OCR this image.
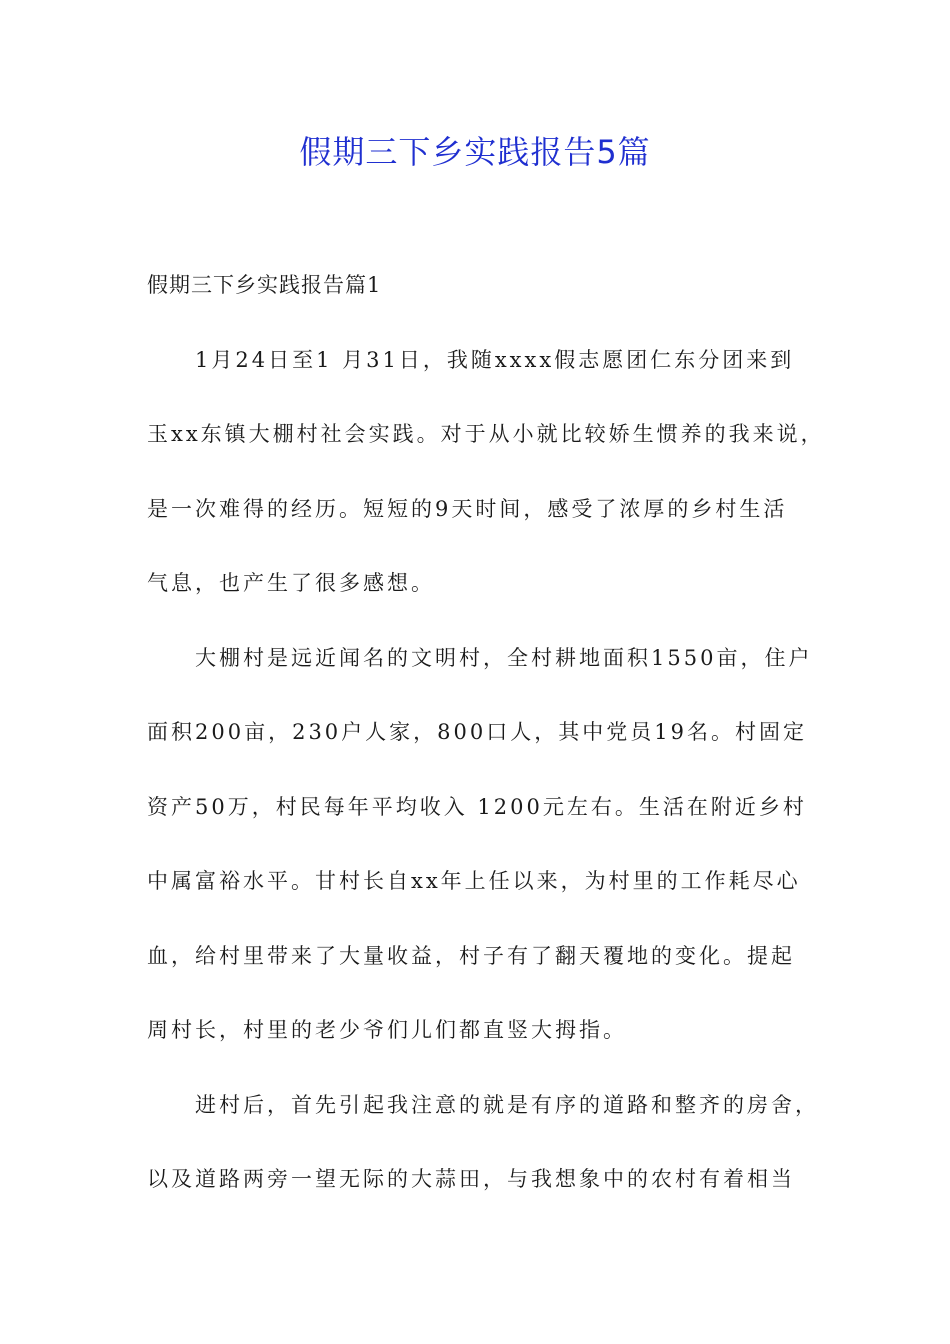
假期三下乡实践报告5篇
假期三下乡实践报告篇1
1月24日至1 月31日，我随xxxx假志愿团仁东分团来到
玉xx东镇大棚村社会实践。对于从小就比较娇生惯养的我来说，
是一次难得的经历。短短的9天时间，感受了浓厚的乡村生活
气息，也产生了很多感想。
大棚村是远近闻名的文明村，全村耕地面积1550亩，住户
面积200亩，230户人家，800口人，其中党员19名。村固定
资产50万，村民每年平均收入 1200元左右。生活在附近乡村
中属富裕水平。甘村长自xx年上任以来，为村里的工作耗尽心
血，给村里带来了大量收益，村子有了翻天覆地的变化。提起
周村长，村里的老少爷们儿们都直竖大拇指。
进村后，首先引起我注意的就是有序的道路和整齐的房舍，
以及道路两旁一望无际的大蒜田，与我想象中的农村有着相当
